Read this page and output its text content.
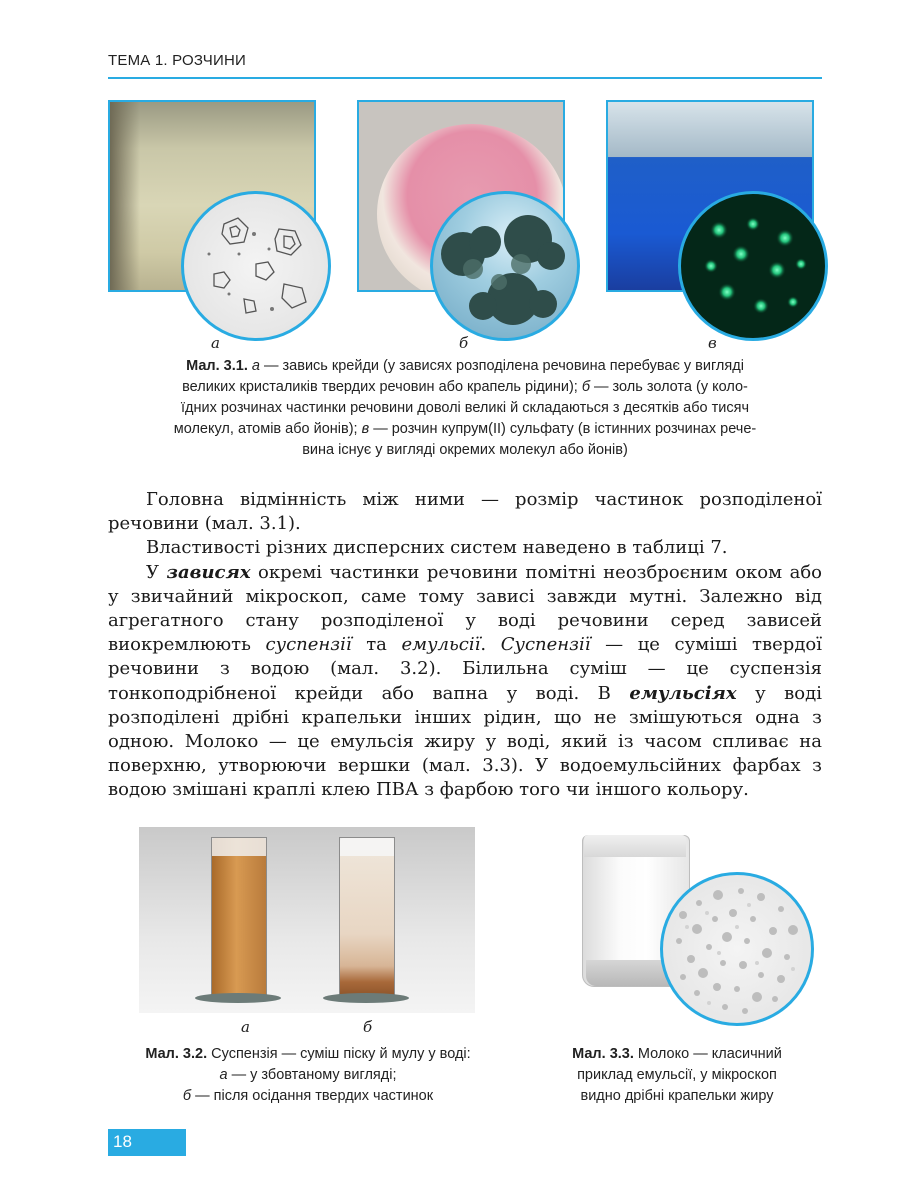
ТЕМА 1. РОЗЧИНИ
а	б	в
Мал. 3.1. а — завись крейди (у зависях розподілена речовина перебуває у вигляді
великих кристаликів твердих речовин або крапель рідини); б — золь золота (у коло-
їдних розчинах частинки речовини доволі великі й складаються з десятків або тисяч
молекул, атомів або йонів); в — розчин купрум(ІІ) сульфату (в істинних розчинах рече-
вина існує у вигляді окремих молекул або йонів)

Головна відмінність між ними — розмір частинок розподіленої речовини (мал. 3.1).

Властивості різних дисперсних систем наведено в таблиці 7.

У зависях окремі частинки речовини помітні неозброєним оком або у звичайний мікроскоп, саме тому зависі завжди мутні. Залежно від агрегатного стану розподіленої у воді речовини серед зависей виокремлюють суспензії та емульсії. Суспензії — це суміші твердої речовини з водою (мал. 3.2). Білильна суміш — це суспензія тонкоподрібненої крейди або вапна у воді. В емульсіях у воді розподілені дрібні крапельки інших рідин, що не змішуються одна з одною. Молоко — це емульсія жиру у воді, який із часом спливає на поверхню, утворюючи вершки (мал. 3.3). У водоемульсійних фарбах з водою змішані краплі клею ПВА з фарбою того чи іншого кольору.

а	б
Мал. 3.2. Суспензія — суміш піску й мулу у воді:
а — у збовтаному вигляді;
б — після осідання твердих частинок
Мал. 3.3. Молоко — класичний
приклад емульсії, у мікроскоп
видно дрібні крапельки жиру
18
